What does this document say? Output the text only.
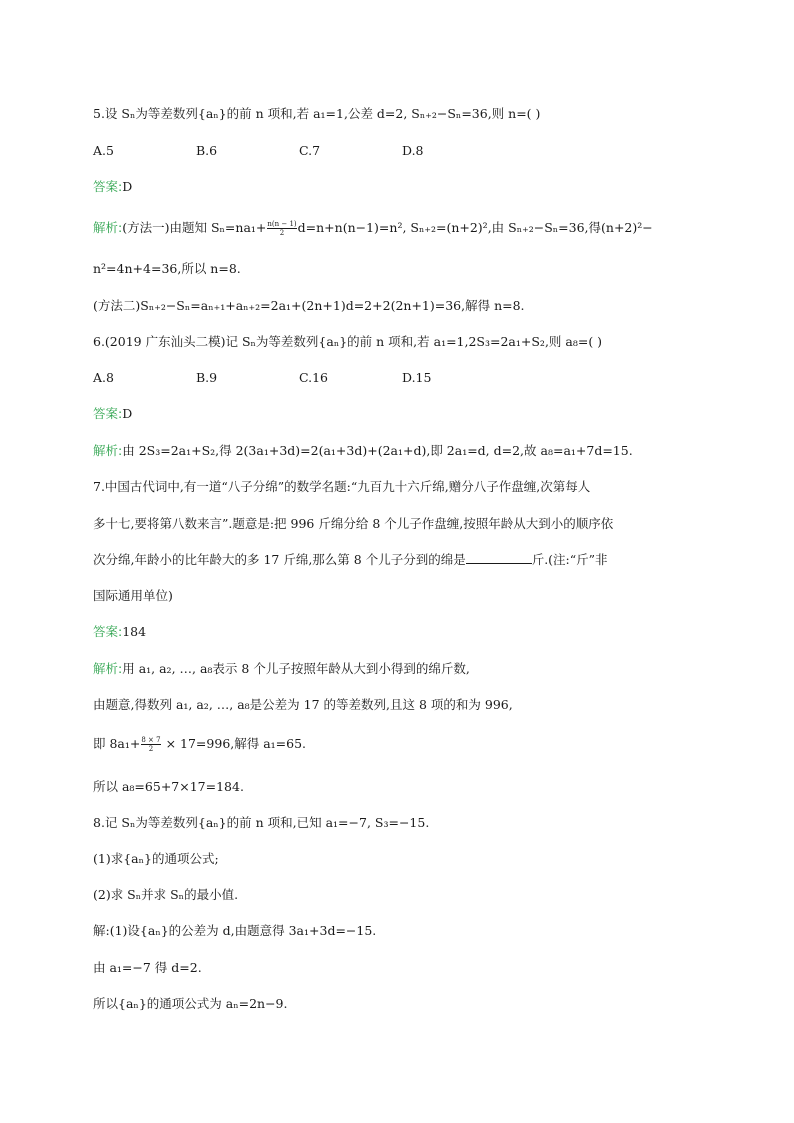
5.设 Sₙ为等差数列{aₙ}的前 n 项和,若 a₁=1,公差 d=2, Sₙ₊₂−Sₙ=36,则 n=( )
A.5	B.6	C.7	D.8
答案:D
解析:(方法一)由题知 $S_n=na_1+ \frac{n(n - 1)}{2} d=n+n(n-1)=n^2$, Sₙ₊₂=(n+2)²,由 Sₙ₊₂−Sₙ=36,得(n+2)²−
n²=4n+4=36,所以 n=8.
(方法二)Sₙ₊₂−Sₙ=aₙ₊₁+aₙ₊₂=2a₁+(2n+1)d=2+2(2n+1)=36,解得 n=8.
6.(2019 广东汕头二模)记 Sₙ为等差数列{aₙ}的前 n 项和,若 a₁=1,2S₃=2a₁+S₂,则 a₈=( )
A.8	B.9	C.16	D.15
答案:D
解析:由 2S₃=2a₁+S₂,得 2(3a₁+3d)=2(a₁+3d)+(2a₁+d),即 2a₁=d, d=2,故 a₈=a₁+7d=15.
7.中国古代词中,有一道“八子分绵”的数学名题:“九百九十六斤绵,赠分八子作盘缠,次第每人
多十七,要将第八数来言”.题意是:把 996 斤绵分给 8 个儿子作盘缠,按照年龄从大到小的顺序依
次分绵,年龄小的比年龄大的多 17 斤绵,那么第 8 个儿子分到的绵是	斤.(注:“斤”非
国际通用单位)
答案:184
解析:用 a₁, a₂, …, a₈表示 8 个儿子按照年龄从大到小得到的绵斤数,
由题意,得数列 a₁, a₂, …, a₈是公差为 17 的等差数列,且这 8 项的和为 996,
即 $8a_1+ \frac{8 \times 7}{2} \times 17=996$,解得 a₁=65.
所以 a₈=65+7×17=184.
8.记 Sₙ为等差数列{aₙ}的前 n 项和,已知 a₁=−7, S₃=−15.
(1)求{aₙ}的通项公式;
(2)求 Sₙ并求 Sₙ的最小值.
解:(1)设{aₙ}的公差为 d,由题意得 3a₁+3d=−15.
由 a₁=−7 得 d=2.
所以{aₙ}的通项公式为 aₙ=2n−9.
